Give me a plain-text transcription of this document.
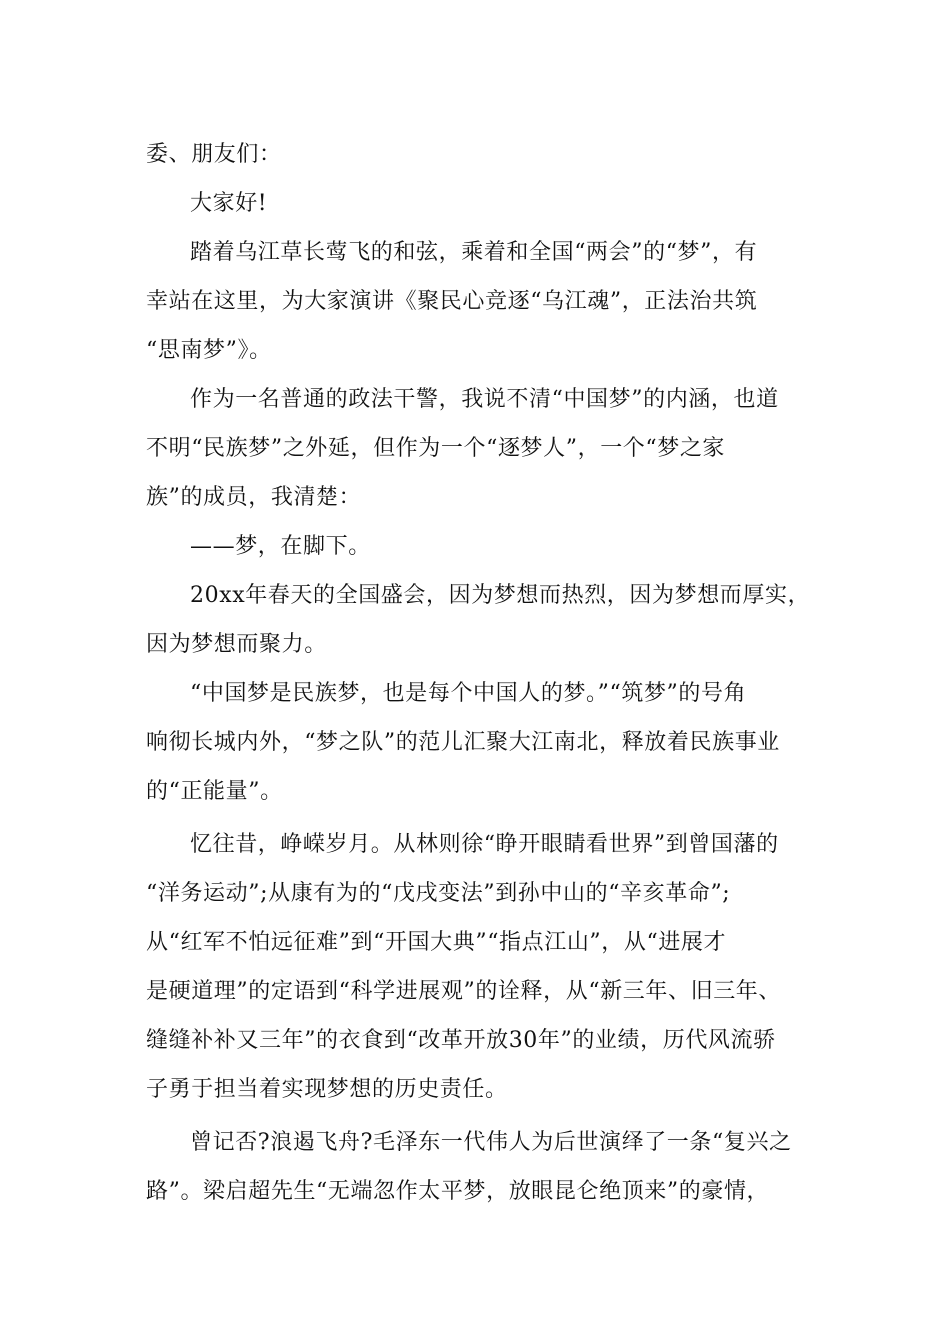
委、朋友们：
大家好!
踏着乌江草长莺飞的和弦，乘着和全国“两会”的“梦”，有
幸站在这里，为大家演讲《聚民心竞逐“乌江魂”，正法治共筑
“思南梦”》。
作为一名普通的政法干警，我说不清“中国梦”的内涵，也道
不明“民族梦”之外延，但作为一个“逐梦人”，一个“梦之家
族”的成员，我清楚：
——梦，在脚下。
20xx年春天的全国盛会，因为梦想而热烈，因为梦想而厚实，
因为梦想而聚力。
“中国梦是民族梦，也是每个中国人的梦。”“筑梦”的号角
响彻长城内外，“梦之队”的范儿汇聚大江南北，释放着民族事业
的“正能量”。
忆往昔，峥嵘岁月。从林则徐“睁开眼睛看世界”到曾国藩的
“洋务运动”;从康有为的“戊戌变法”到孙中山的“辛亥革命”;
从“红军不怕远征难”到“开国大典”“指点江山”，从“进展才
是硬道理”的定语到“科学进展观”的诠释，从“新三年、旧三年、
缝缝补补又三年”的衣食到“改革开放30年”的业绩，历代风流骄
子勇于担当着实现梦想的历史责任。
曾记否?浪遏飞舟?毛泽东一代伟人为后世演绎了一条“复兴之
路”。梁启超先生“无端忽作太平梦，放眼昆仑绝顶来”的豪情，
